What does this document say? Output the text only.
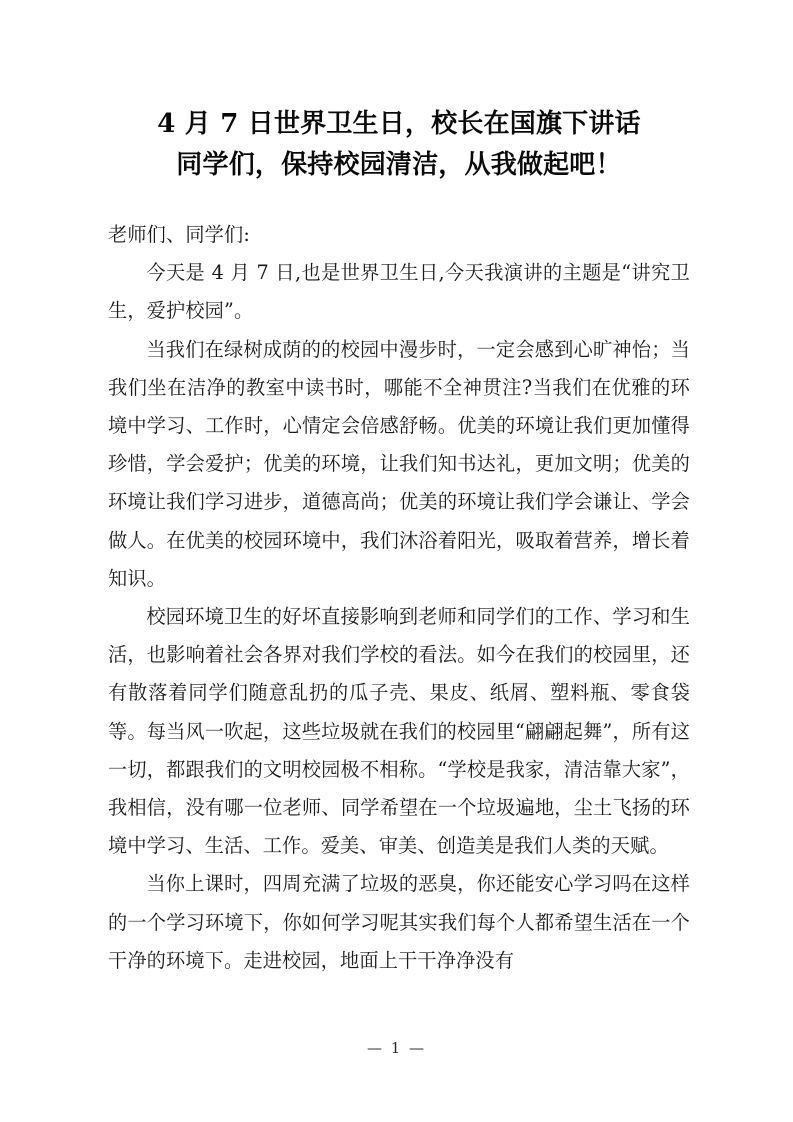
4 月 7 日世界卫生日，校长在国旗下讲话
同学们，保持校园清洁，从我做起吧！

老师们、同学们:

今天是 4 月 7 日,也是世界卫生日,今天我演讲的主题是“讲究卫生，爱护校园”。

当我们在绿树成荫的的校园中漫步时，一定会感到心旷神怡；当我们坐在洁净的教室中读书时，哪能不全神贯注?当我们在优雅的环境中学习、工作时，心情定会倍感舒畅。优美的环境让我们更加懂得珍惜，学会爱护；优美的环境，让我们知书达礼，更加文明；优美的环境让我们学习进步，道德高尚；优美的环境让我们学会谦让、学会做人。在优美的校园环境中，我们沐浴着阳光，吸取着营养，增长着知识。

校园环境卫生的好坏直接影响到老师和同学们的工作、学习和生活，也影响着社会各界对我们学校的看法。如今在我们的校园里，还有散落着同学们随意乱扔的瓜子壳、果皮、纸屑、塑料瓶、零食袋等。每当风一吹起，这些垃圾就在我们的校园里“翩翩起舞”，所有这一切，都跟我们的文明校园极不相称。“学校是我家，清洁靠大家”，我相信，没有哪一位老师、同学希望在一个垃圾遍地，尘土飞扬的环境中学习、生活、工作。爱美、审美、创造美是我们人类的天赋。

当你上课时，四周充满了垃圾的恶臭，你还能安心学习吗在这样的一个学习环境下，你如何学习呢其实我们每个人都希望生活在一个干净的环境下。走进校园，地面上干干净净没有

— 1 —
